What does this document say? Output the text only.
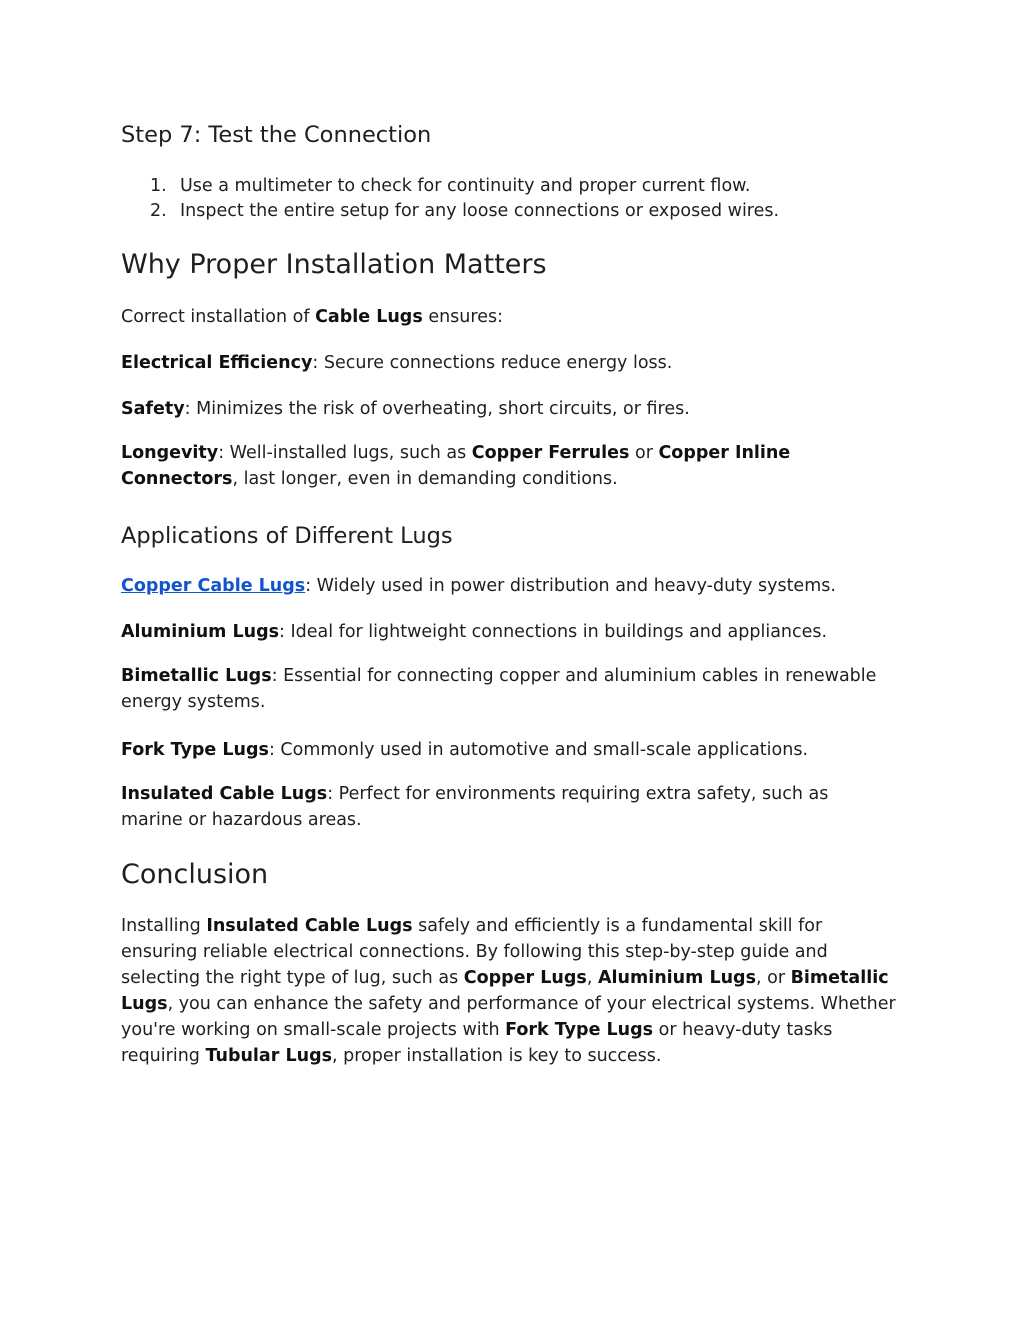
Step 7: Test the Connection

1. Use a multimeter to check for continuity and proper current flow.

2. Inspect the entire setup for any loose connections or exposed wires.

Why Proper Installation Matters

Correct installation of Cable Lugs ensures:

Electrical Efficiency: Secure connections reduce energy loss.

Safety: Minimizes the risk of overheating, short circuits, or fires.

Longevity: Well-installed lugs, such as Copper Ferrules or Copper Inline Connectors, last longer, even in demanding conditions.

Applications of Different Lugs

Copper Cable Lugs: Widely used in power distribution and heavy-duty systems.

Aluminium Lugs: Ideal for lightweight connections in buildings and appliances.

Bimetallic Lugs: Essential for connecting copper and aluminium cables in renewable energy systems.

Fork Type Lugs: Commonly used in automotive and small-scale applications.

Insulated Cable Lugs: Perfect for environments requiring extra safety, such as marine or hazardous areas.

Conclusion

Installing Insulated Cable Lugs safely and efficiently is a fundamental skill for ensuring reliable electrical connections. By following this step-by-step guide and selecting the right type of lug, such as Copper Lugs, Aluminium Lugs, or Bimetallic Lugs, you can enhance the safety and performance of your electrical systems. Whether you're working on small-scale projects with Fork Type Lugs or heavy-duty tasks requiring Tubular Lugs, proper installation is key to success.
